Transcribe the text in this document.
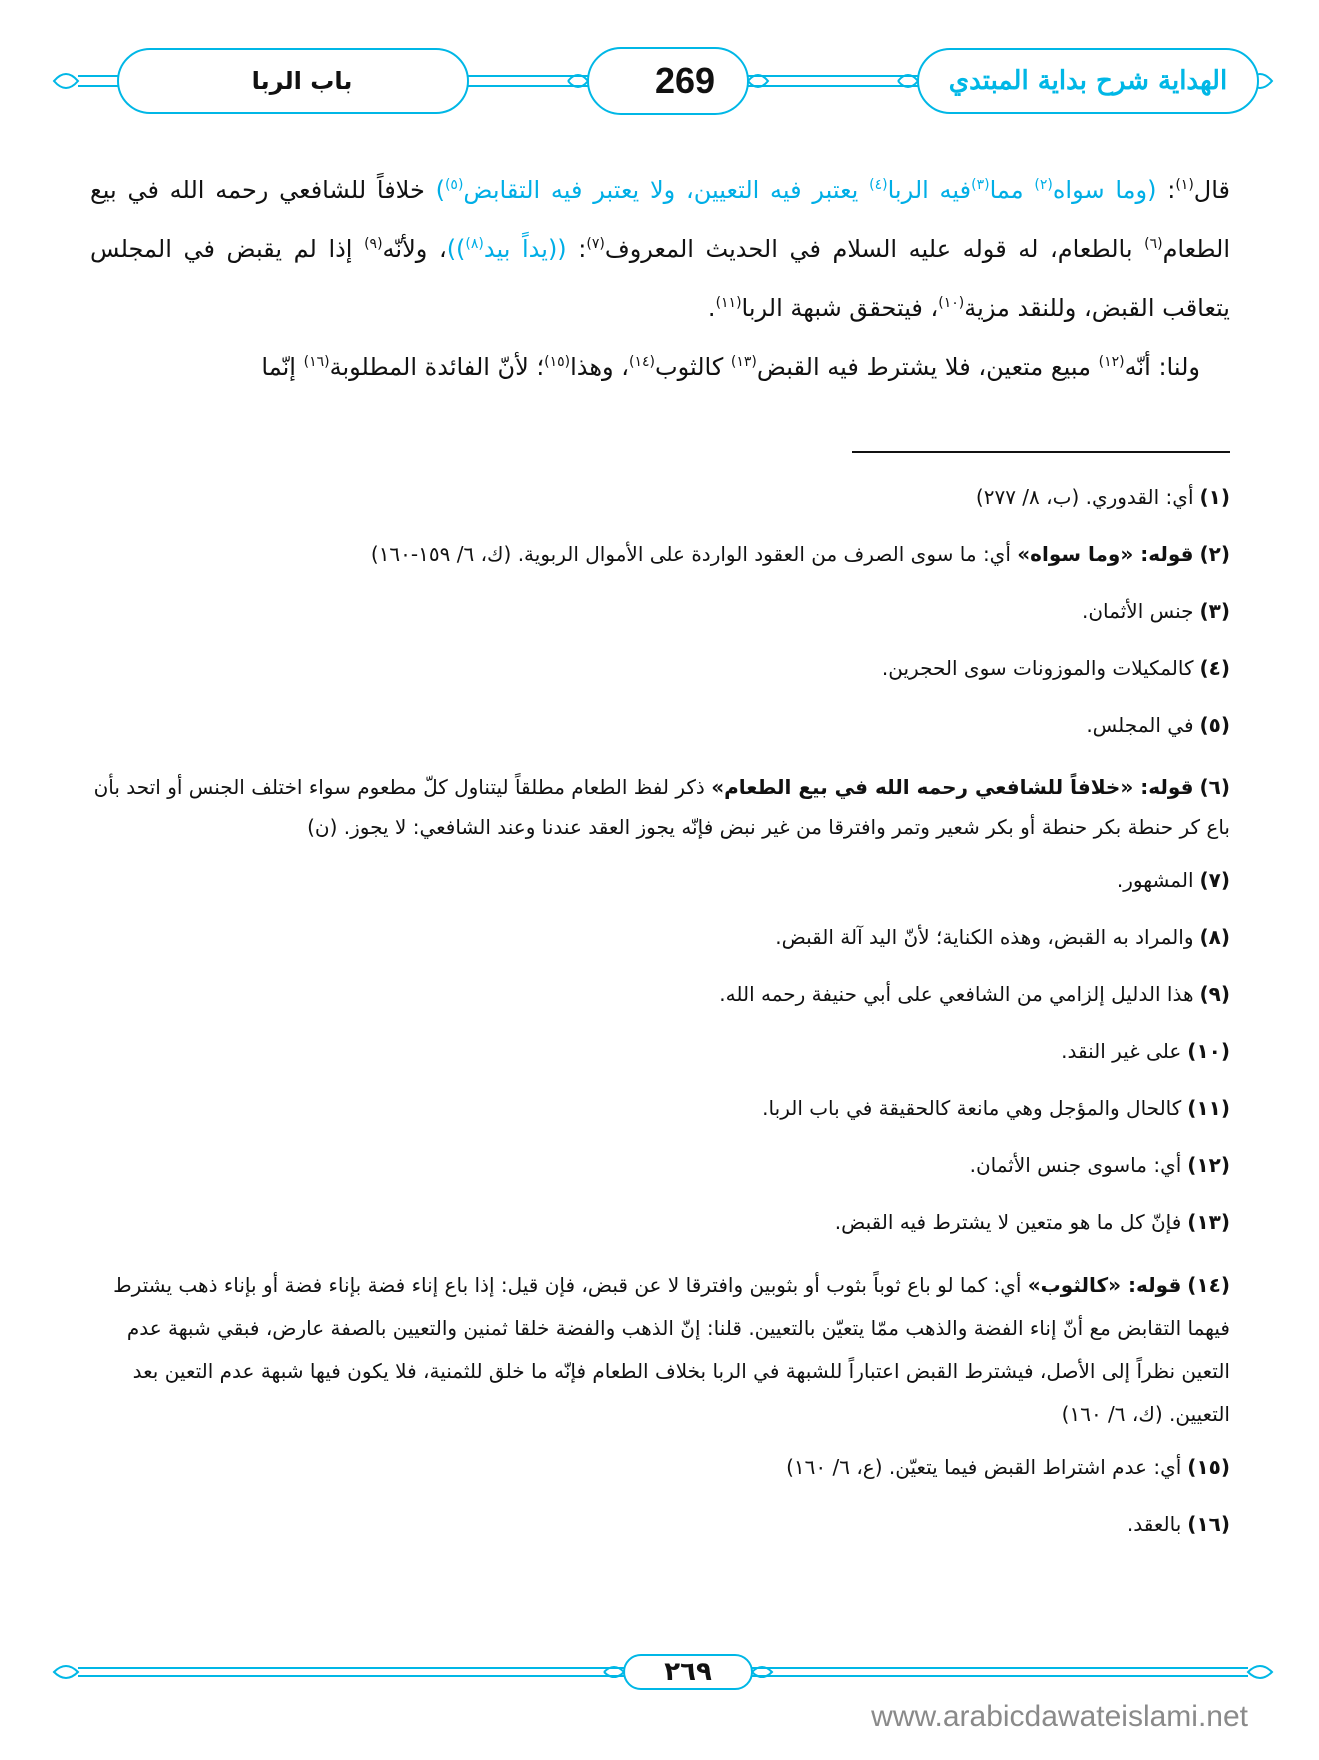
باب الربا	269	الهداية شرح بداية المبتدي

قال$^{(١)}$: (وما سواه$^{(٢)}$ مما$^{(٣)}$فيه الربا$^{(٤)}$ يعتبر فيه التعيين، ولا يعتبر فيه التقابض$^{(٥)}$) خلافاً للشافعي رحمه الله في بيع الطعام$^{(٦)}$ بالطعام، له قوله عليه السلام في الحديث المعروف$^{(٧)}$: ((يداً بيد$^{(٨)}$))، ولأنّه$^{(٩)}$ إذا لم يقبض في المجلس يتعاقب القبض، وللنقد مزية$^{(١٠)}$، فيتحقق شبهة الربا$^{(١١)}$.

ولنا: أنّه$^{(١٢)}$ مبيع متعين، فلا يشترط فيه القبض$^{(١٣)}$ كالثوب$^{(١٤)}$، وهذا$^{(١٥)}$؛ لأنّ الفائدة المطلوبة$^{(١٦)}$ إنّما

(١)أي: القدوري. (ب، ٨/ ٢٧٧)

(٢)قوله: «وما سواه» أي: ما سوى الصرف من العقود الواردة على الأموال الربوية. (ك، ٦/ ١٥٩-١٦٠)

(٣)جنس الأثمان.

(٤)كالمكيلات والموزونات سوى الحجرين.

(٥)في المجلس.

(٦)قوله: «خلافاً للشافعي رحمه الله في بيع الطعام» ذكر لفظ الطعام مطلقاً ليتناول كلّ مطعوم سواء اختلف الجنس أو اتحد بأن باع كر حنطة بكر حنطة أو بكر شعير وتمر وافترقا من غير نبض فإنّه يجوز العقد عندنا وعند الشافعي: لا يجوز. (ن)

(٧)المشهور.

(٨)والمراد به القبض، وهذه الكناية؛ لأنّ اليد آلة القبض.

(٩)هذا الدليل إلزامي من الشافعي على أبي حنيفة رحمه الله.

(١٠)على غير النقد.

(١١)كالحال والمؤجل وهي مانعة كالحقيقة في باب الربا.

(١٢)أي: ماسوى جنس الأثمان.

(١٣)فإنّ كل ما هو متعين لا يشترط فيه القبض.

(١٤)قوله: «كالثوب» أي: كما لو باع ثوباً بثوب أو بثوبين وافترقا لا عن قبض، فإن قيل: إذا باع إناء فضة بإناء فضة أو بإناء ذهب يشترط فيهما التقابض مع أنّ إناء الفضة والذهب ممّا يتعيّن بالتعيين. قلنا: إنّ الذهب والفضة خلقا ثمنين والتعيين بالصفة عارض، فبقي شبهة عدم التعين نظراً إلى الأصل، فيشترط القبض اعتباراً للشبهة في الربا بخلاف الطعام فإنّه ما خلق للثمنية، فلا يكون فيها شبهة عدم التعين بعد التعيين. (ك، ٦/ ١٦٠)

(١٥)أي: عدم اشتراط القبض فيما يتعيّن. (ع، ٦/ ١٦٠)

(١٦)بالعقد.

٢٦٩
www.arabicdawateislami.net
